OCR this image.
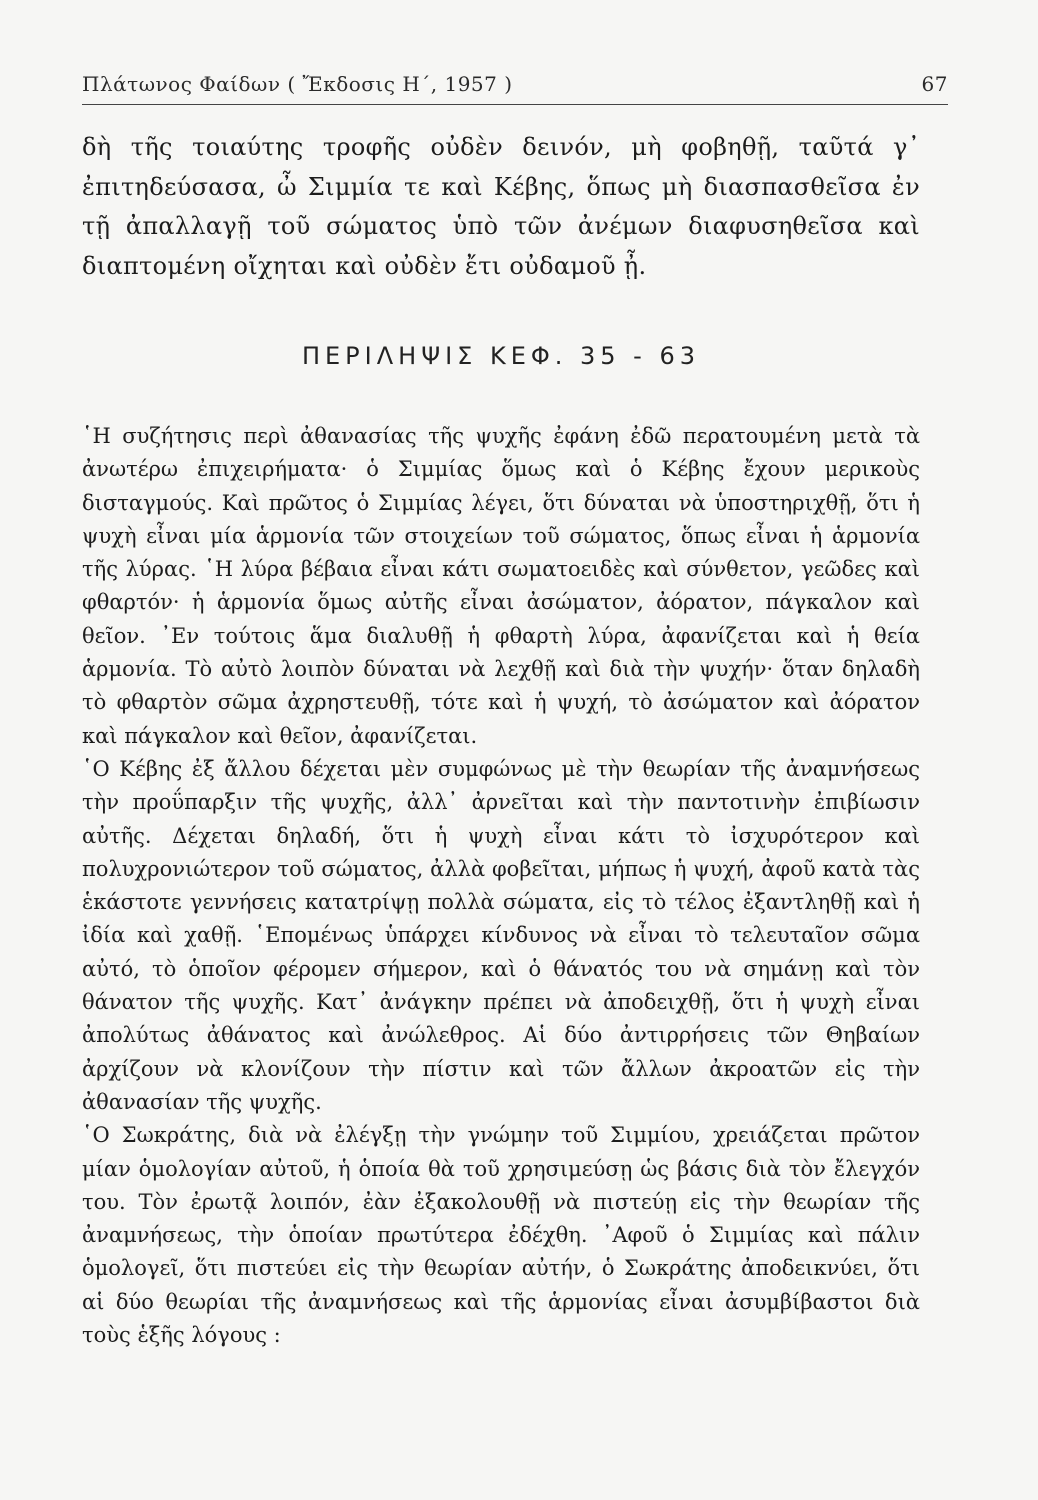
Πλάτωνος Φαίδων ( Ἔκδοσις Η΄, 1957 )	67

δὴ τῆς τοιαύτης τροφῆς οὐδὲν δεινόν, μὴ φοβηθῇ, ταῦτά γ᾽ ἐπιτηδεύσασα, ὦ Σιμμία τε καὶ Κέβης, ὅπως μὴ διασπασθεῖσα ἐν τῇ ἀπαλλαγῇ τοῦ σώματος ὑπὸ τῶν ἀνέμων διαφυσηθεῖσα καὶ διαπτομένη οἴχηται καὶ οὐδὲν ἔτι οὐδαμοῦ ᾖ.

ΠΕΡΙΛΗΨΙΣ ΚΕΦ. 35 - 63

῾Η συζήτησις περὶ ἀθανασίας τῆς ψυχῆς ἐφάνη ἐδῶ περατουμένη μετὰ τὰ ἀνωτέρω ἐπιχειρήματα· ὁ Σιμμίας ὅμως καὶ ὁ Κέβης ἔχουν μερικοὺς δισταγμούς. Καὶ πρῶτος ὁ Σιμμίας λέγει, ὅτι δύναται νὰ ὑποστηριχθῇ, ὅτι ἡ ψυχὴ εἶναι μία ἁρμονία τῶν στοιχείων τοῦ σώματος, ὅπως εἶναι ἡ ἁρμονία τῆς λύρας. ῾Η λύρα βέβαια εἶναι κάτι σωματοειδὲς καὶ σύνθετον, γεῶδες καὶ φθαρτόν· ἡ ἁρμονία ὅμως αὐτῆς εἶναι ἀσώματον, ἀόρατον, πάγκαλον καὶ θεῖον. ᾿Εν τούτοις ἅμα διαλυθῇ ἡ φθαρτὴ λύρα, ἀφανίζεται καὶ ἡ θεία ἁρμονία. Τὸ αὐτὸ λοιπὸν δύναται νὰ λεχθῇ καὶ διὰ τὴν ψυχήν· ὅταν δηλαδὴ τὸ φθαρτὸν σῶμα ἀχρηστευθῇ, τότε καὶ ἡ ψυχή, τὸ ἀσώματον καὶ ἀόρατον καὶ πάγκαλον καὶ θεῖον, ἀφανίζεται.

῾Ο Κέβης ἐξ ἄλλου δέχεται μὲν συμφώνως μὲ τὴν θεωρίαν τῆς ἀναμνήσεως τὴν προΰπαρξιν τῆς ψυχῆς, ἀλλ᾽ ἀρνεῖται καὶ τὴν παντοτινὴν ἐπιβίωσιν αὐτῆς. Δέχεται δηλαδή, ὅτι ἡ ψυχὴ εἶναι κάτι τὸ ἰσχυρότερον καὶ πολυχρονιώτερον τοῦ σώματος, ἀλλὰ φοβεῖται, μήπως ἡ ψυχή, ἀφοῦ κατὰ τὰς ἑκάστοτε γεννήσεις κατατρίψῃ πολλὰ σώματα, εἰς τὸ τέλος ἐξαντληθῇ καὶ ἡ ἰδία καὶ χαθῇ. ῾Επομένως ὑπάρχει κίνδυνος νὰ εἶναι τὸ τελευταῖον σῶμα αὐτό, τὸ ὁποῖον φέρομεν σήμερον, καὶ ὁ θάνατός του νὰ σημάνῃ καὶ τὸν θάνατον τῆς ψυχῆς. Κατ᾽ ἀνάγκην πρέπει νὰ ἀποδειχθῇ, ὅτι ἡ ψυχὴ εἶναι ἀπολύτως ἀθάνατος καὶ ἀνώλεθρος. Αἱ δύο ἀντιρρήσεις τῶν Θηβαίων ἀρχίζουν νὰ κλονίζουν τὴν πίστιν καὶ τῶν ἄλλων ἀκροατῶν εἰς τὴν ἀθανασίαν τῆς ψυχῆς.

῾Ο Σωκράτης, διὰ νὰ ἐλέγξῃ τὴν γνώμην τοῦ Σιμμίου, χρειάζεται πρῶτον μίαν ὁμολογίαν αὐτοῦ, ἡ ὁποία θὰ τοῦ χρησιμεύσῃ ὡς βάσις διὰ τὸν ἔλεγχόν του. Τὸν ἐρωτᾷ λοιπόν, ἐὰν ἐξακολουθῇ νὰ πιστεύῃ εἰς τὴν θεωρίαν τῆς ἀναμνήσεως, τὴν ὁποίαν πρωτύτερα ἐδέχθη. ᾿Αφοῦ ὁ Σιμμίας καὶ πάλιν ὁμολογεῖ, ὅτι πιστεύει εἰς τὴν θεωρίαν αὐτήν, ὁ Σωκράτης ἀποδεικνύει, ὅτι αἱ δύο θεωρίαι τῆς ἀναμνήσεως καὶ τῆς ἁρμονίας εἶναι ἀσυμβίβαστοι διὰ τοὺς ἑξῆς λόγους :
